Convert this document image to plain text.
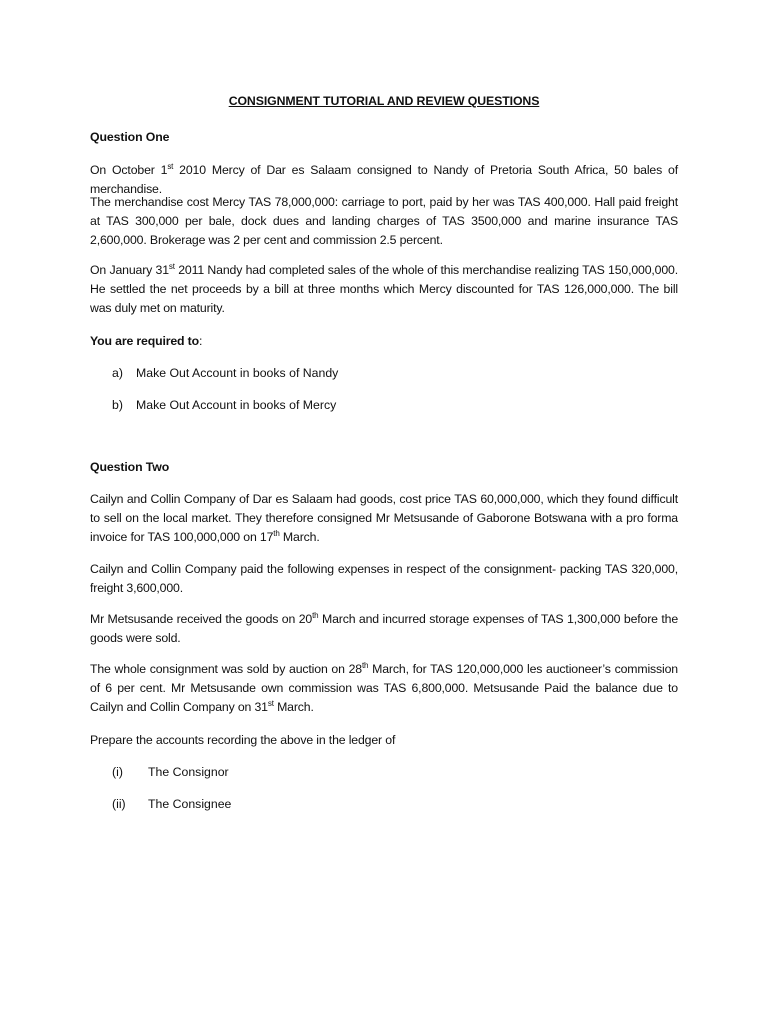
CONSIGNMENT TUTORIAL AND REVIEW QUESTIONS
Question One
On October 1st 2010 Mercy of Dar es Salaam consigned to Nandy of Pretoria South Africa, 50 bales of merchandise.
The merchandise cost Mercy TAS 78,000,000: carriage to port, paid by her was TAS 400,000. Hall paid freight at TAS 300,000 per bale, dock dues and landing charges of TAS 3500,000 and marine insurance TAS 2,600,000. Brokerage was 2 per cent and commission 2.5 percent.
On January 31st 2011 Nandy had completed sales of the whole of this merchandise realizing TAS 150,000,000. He settled the net proceeds by a bill at three months which Mercy discounted for TAS 126,000,000. The bill was duly met on maturity.
You are required to:
a) Make Out Account in books of Nandy
b) Make Out Account in books of Mercy
Question Two
Cailyn and Collin Company of Dar es Salaam had goods, cost price TAS 60,000,000, which they found difficult to sell on the local market. They therefore consigned Mr Metsusande of Gaborone Botswana with a pro forma invoice for TAS 100,000,000 on 17th March.
Cailyn and Collin Company paid the following expenses in respect of the consignment- packing TAS 320,000, freight 3,600,000.
Mr Metsusande received the goods on 20th March and incurred storage expenses of TAS 1,300,000 before the goods were sold.
The whole consignment was sold by auction on 28th March, for TAS 120,000,000 les auctioneer’s commission of 6 per cent. Mr Metsusande own commission was TAS 6,800,000. Metsusande Paid the balance due to Cailyn and Collin Company on 31st March.
Prepare the accounts recording the above in the ledger of
(i) The Consignor
(ii) The Consignee
